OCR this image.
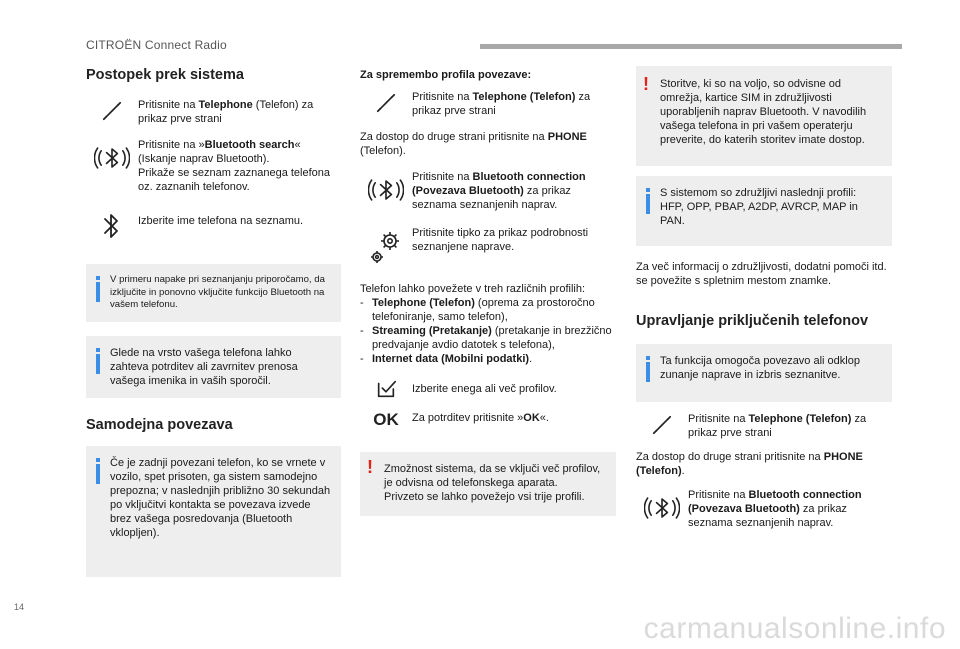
CITROËN Connect Radio
Postopek prek sistema
Pritisnite na Telephone (Telefon) za prikaz prve strani
Pritisnite na »Bluetooth search« (Iskanje naprav Bluetooth).
Prikaže se seznam zaznanega telefona oz. zaznanih telefonov.
Izberite ime telefona na seznamu.
V primeru napake pri seznanjanju priporočamo, da izključite in ponovno vključite funkcijo Bluetooth na vašem telefonu.
Glede na vrsto vašega telefona lahko zahteva potrditev ali zavrnitev prenosa vašega imenika in vaših sporočil.
Samodejna povezava
Če je zadnji povezani telefon, ko se vrnete v vozilo, spet prisoten, ga sistem samodejno prepozna; v naslednjih približno 30 sekundah po vključitvi kontakta se povezava izvede brez vašega posredovanja (Bluetooth vklopljen).
Za spremembo profila povezave:
Pritisnite na Telephone (Telefon) za prikaz prve strani
Za dostop do druge strani pritisnite na PHONE (Telefon).
Pritisnite na Bluetooth connection (Povezava Bluetooth) za prikaz seznama seznanjenih naprav.
Pritisnite tipko za prikaz podrobnosti seznanjene naprave.
Telefon lahko povežete v treh različnih profilih:
- Telephone (Telefon) (oprema za prostoročno telefoniranje, samo telefon),
- Streaming (Pretakanje) (pretakanje in brezžično predvajanje avdio datotek s telefona),
- Internet data (Mobilni podatki).
Izberite enega ali več profilov.
OK Za potrditev pritisnite »OK«.
! Zmožnost sistema, da se vključi več profilov, je odvisna od telefonskega aparata.
Privzeto se lahko povežejo vsi trije profili.
! Storitve, ki so na voljo, so odvisne od omrežja, kartice SIM in združljivosti uporabljenih naprav Bluetooth. V navodilih vašega telefona in pri vašem operaterju preverite, do katerih storitev imate dostop.
S sistemom so združljivi naslednji profili: HFP, OPP, PBAP, A2DP, AVRCP, MAP in PAN.
Za več informacij o združljivosti, dodatni pomoči itd. se povežite s spletnim mestom znamke.
Upravljanje priključenih telefonov
Ta funkcija omogoča povezavo ali odklop zunanje naprave in izbris seznanitve.
Pritisnite na Telephone (Telefon) za prikaz prve strani
Za dostop do druge strani pritisnite na PHONE (Telefon).
Pritisnite na Bluetooth connection (Povezava Bluetooth) za prikaz seznama seznanjenih naprav.
14
carmanualsonline.info
